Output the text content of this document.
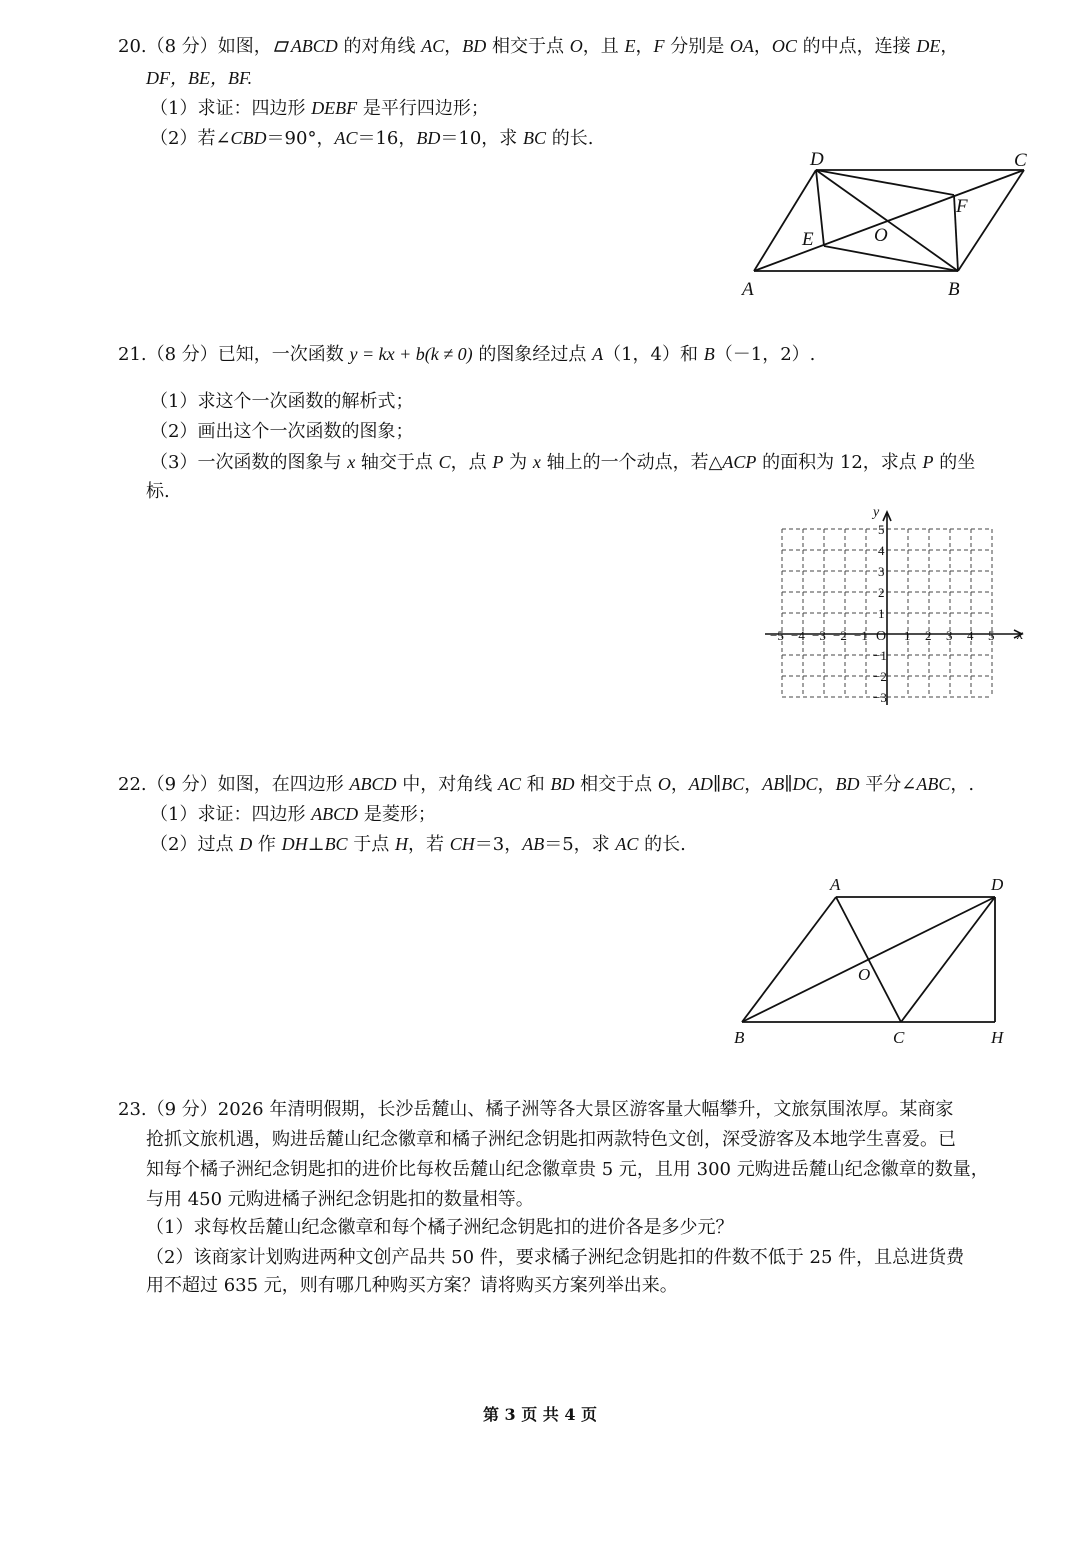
20.（8 分）如图， ABCD 的对角线 AC，BD 相交于点 O，且 E，F 分别是 OA，OC 的中点，连接 DE，
DF，BE，BF.
（1）求证：四边形 DEBF 是平行四边形；
（2）若∠CBD＝90°，AC＝16，BD＝10，求 BC 的长.
D	C
F
E	O
A	B
21.（8 分）已知，一次函数 y = kx + b(k ≠ 0) 的图象经过点 A（1，4）和 B（－1，2）.
（1）求这个一次函数的解析式；
（2）画出这个一次函数的图象；
（3）一次函数的图象与 x 轴交于点 C，点 P 为 x 轴上的一个动点，若△ACP 的面积为 12，求点 P 的坐
标.
−5 −4 −3 −2 −1	1 2 3 4 5
5
4
3
2
1
−1
−2
−3
x
y
O
22.（9 分）如图，在四边形 ABCD 中，对角线 AC 和 BD 相交于点 O，AD∥BC，AB∥DC，BD 平分∠ABC，.
（1）求证：四边形 ABCD 是菱形；
（2）过点 D 作 DH⊥BC 于点 H，若 CH＝3，AB＝5，求 AC 的长.
A	D
O
B	C	H
23.（9 分）2026 年清明假期，长沙岳麓山、橘子洲等各大景区游客量大幅攀升，文旅氛围浓厚。某商家
抢抓文旅机遇，购进岳麓山纪念徽章和橘子洲纪念钥匙扣两款特色文创，深受游客及本地学生喜爱。已
知每个橘子洲纪念钥匙扣的进价比每枚岳麓山纪念徽章贵 5 元，且用 300 元购进岳麓山纪念徽章的数量，
与用 450 元购进橘子洲纪念钥匙扣的数量相等。
（1）求每枚岳麓山纪念徽章和每个橘子洲纪念钥匙扣的进价各是多少元？
（2）该商家计划购进两种文创产品共 50 件，要求橘子洲纪念钥匙扣的件数不低于 25 件，且总进货费
用不超过 635 元，则有哪几种购买方案？请将购买方案列举出来。
第 3 页 共 4 页
